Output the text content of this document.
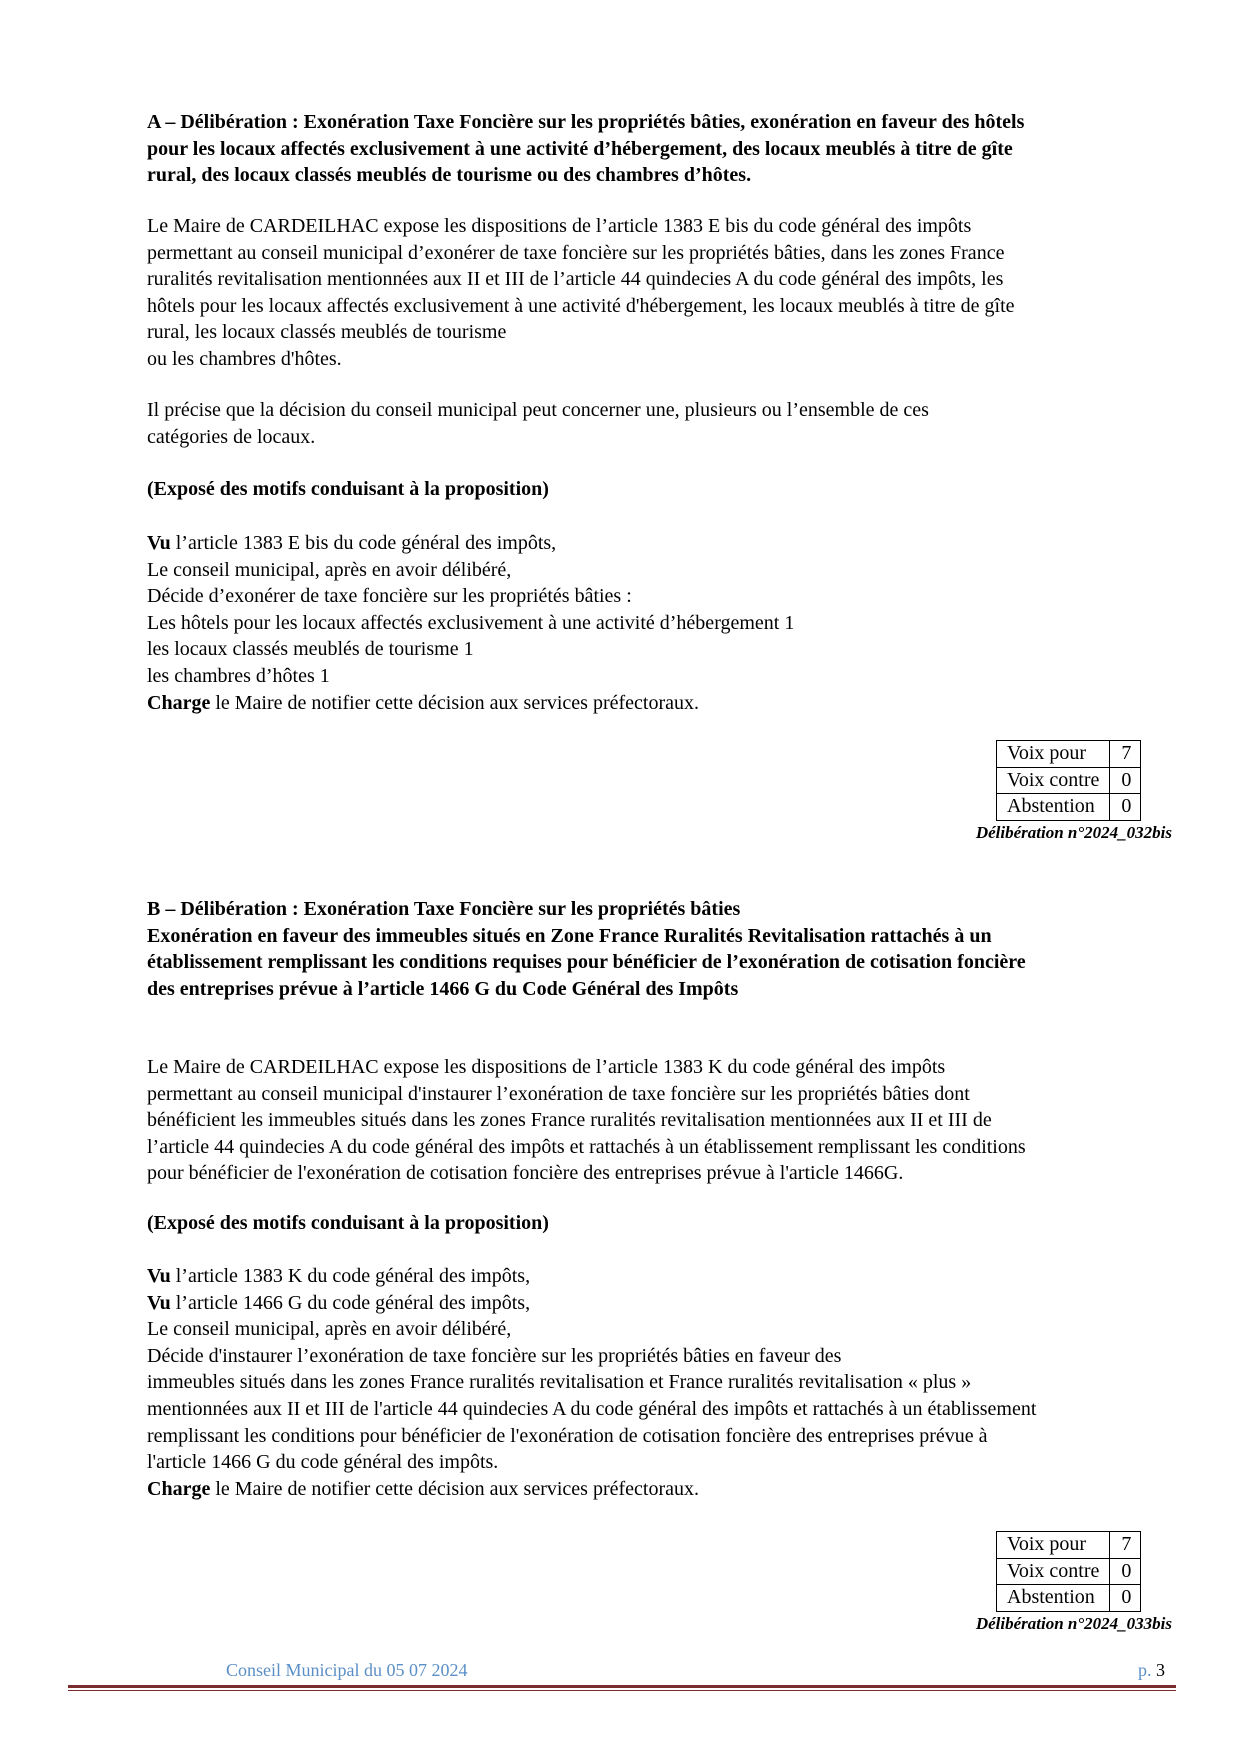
A – Délibération : Exonération Taxe Foncière sur les propriétés bâties, exonération en faveur des hôtels
pour les locaux affectés exclusivement à une activité d’hébergement, des locaux meublés à titre de gîte
rural, des locaux classés meublés de tourisme ou des chambres d’hôtes.
Le Maire de CARDEILHAC expose les dispositions de l’article 1383 E bis du code général des impôts
permettant au conseil municipal d’exonérer de taxe foncière sur les propriétés bâties, dans les zones France
ruralités revitalisation mentionnées aux II et III de l’article 44 quindecies A du code général des impôts, les
hôtels pour les locaux affectés exclusivement à une activité d'hébergement, les locaux meublés à titre de gîte
rural, les locaux classés meublés de tourisme
ou les chambres d'hôtes.
Il précise que la décision du conseil municipal peut concerner une, plusieurs ou l’ensemble de ces
catégories de locaux.
(Exposé des motifs conduisant à la proposition)
Vu l’article 1383 E bis du code général des impôts,
Le conseil municipal, après en avoir délibéré,
Décide d’exonérer de taxe foncière sur les propriétés bâties :
Les hôtels pour les locaux affectés exclusivement à une activité d’hébergement 1
les locaux classés meublés de tourisme 1
les chambres d’hôtes 1
Charge le Maire de notifier cette décision aux services préfectoraux.
Voix pour	7
Voix contre	0
Abstention	0
Délibération n°2024_032bis
B – Délibération : Exonération Taxe Foncière sur les propriétés bâties
Exonération en faveur des immeubles situés en Zone France Ruralités Revitalisation rattachés à un
établissement remplissant les conditions requises pour bénéficier de l’exonération de cotisation foncière
des entreprises prévue à l’article 1466 G du Code Général des Impôts
Le Maire de CARDEILHAC expose les dispositions de l’article 1383 K du code général des impôts
permettant au conseil municipal d'instaurer l’exonération de taxe foncière sur les propriétés bâties dont
bénéficient les immeubles situés dans les zones France ruralités revitalisation mentionnées aux II et III de
l’article 44 quindecies A du code général des impôts et rattachés à un établissement remplissant les conditions
pour bénéficier de l'exonération de cotisation foncière des entreprises prévue à l'article 1466G.
(Exposé des motifs conduisant à la proposition)
Vu l’article 1383 K du code général des impôts,
Vu l’article 1466 G du code général des impôts,
Le conseil municipal, après en avoir délibéré,
Décide d'instaurer l’exonération de taxe foncière sur les propriétés bâties en faveur des
immeubles situés dans les zones France ruralités revitalisation et France ruralités revitalisation « plus »
mentionnées aux II et III de l'article 44 quindecies A du code général des impôts et rattachés à un établissement
remplissant les conditions pour bénéficier de l'exonération de cotisation foncière des entreprises prévue à
l'article 1466 G du code général des impôts.
Charge le Maire de notifier cette décision aux services préfectoraux.
Voix pour	7
Voix contre	0
Abstention	0
Délibération n°2024_033bis
Conseil Municipal du 05 07 2024	p. 3
